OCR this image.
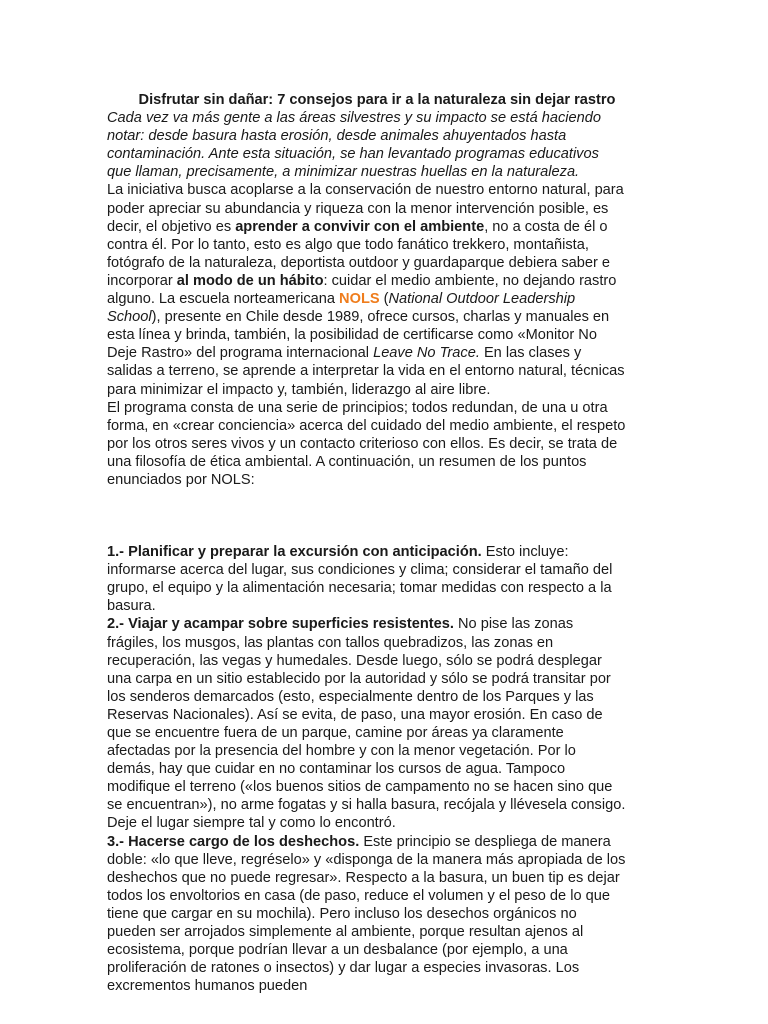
Disfrutar sin dañar: 7 consejos para ir a la naturaleza sin dejar rastro

Cada vez va más gente a las áreas silvestres y su impacto se está haciendo notar: desde basura hasta erosión, desde animales ahuyentados hasta contaminación. Ante esta situación, se han levantado programas educativos que llaman, precisamente, a minimizar nuestras huellas en la naturaleza.

La iniciativa busca acoplarse a la conservación de nuestro entorno natural, para poder apreciar su abundancia y riqueza con la menor intervención posible, es decir, el objetivo es aprender a convivir con el ambiente, no a costa de él o contra él. Por lo tanto, esto es algo que todo fanático trekkero, montañista, fotógrafo de la naturaleza, deportista outdoor y guardaparque debiera saber e incorporar al modo de un hábito: cuidar el medio ambiente, no dejando rastro alguno. La escuela norteamericana NOLS (National Outdoor Leadership School), presente en Chile desde 1989, ofrece cursos, charlas y manuales en esta línea y brinda, también, la posibilidad de certificarse como «Monitor No Deje Rastro» del programa internacional Leave No Trace. En las clases y salidas a terreno, se aprende a interpretar la vida en el entorno natural, técnicas para minimizar el impacto y, también, liderazgo al aire libre.

El programa consta de una serie de principios; todos redundan, de una u otra forma, en «crear conciencia» acerca del cuidado del medio ambiente, el respeto por los otros seres vivos y un contacto criterioso con ellos. Es decir, se trata de una filosofía de ética ambiental. A continuación, un resumen de los puntos enunciados por NOLS:

1.- Planificar y preparar la excursión con anticipación. Esto incluye: informarse acerca del lugar, sus condiciones y clima; considerar el tamaño del grupo, el equipo y la alimentación necesaria; tomar medidas con respecto a la basura.

2.- Viajar y acampar sobre superficies resistentes. No pise las zonas frágiles, los musgos, las plantas con tallos quebradizos, las zonas en recuperación, las vegas y humedales. Desde luego, sólo se podrá desplegar una carpa en un sitio establecido por la autoridad y sólo se podrá transitar por los senderos demarcados (esto, especialmente dentro de los Parques y las Reservas Nacionales). Así se evita, de paso, una mayor erosión. En caso de que se encuentre fuera de un parque, camine por áreas ya claramente afectadas por la presencia del hombre y con la menor vegetación. Por lo demás, hay que cuidar en no contaminar los cursos de agua. Tampoco modifique el terreno («los buenos sitios de campamento no se hacen sino que se encuentran»), no arme fogatas y si halla basura, recójala y llévesela consigo. Deje el lugar siempre tal y como lo encontró.

3.- Hacerse cargo de los deshechos. Este principio se despliega de manera doble: «lo que lleve, regréselo» y «disponga de la manera más apropiada de los deshechos que no puede regresar». Respecto a la basura, un buen tip es dejar todos los envoltorios en casa (de paso, reduce el volumen y el peso de lo que tiene que cargar en su mochila). Pero incluso los desechos orgánicos no pueden ser arrojados simplemente al ambiente, porque resultan ajenos al ecosistema, porque podrían llevar a un desbalance (por ejemplo, a una proliferación de ratones o insectos) y dar lugar a especies invasoras. Los excrementos humanos pueden
